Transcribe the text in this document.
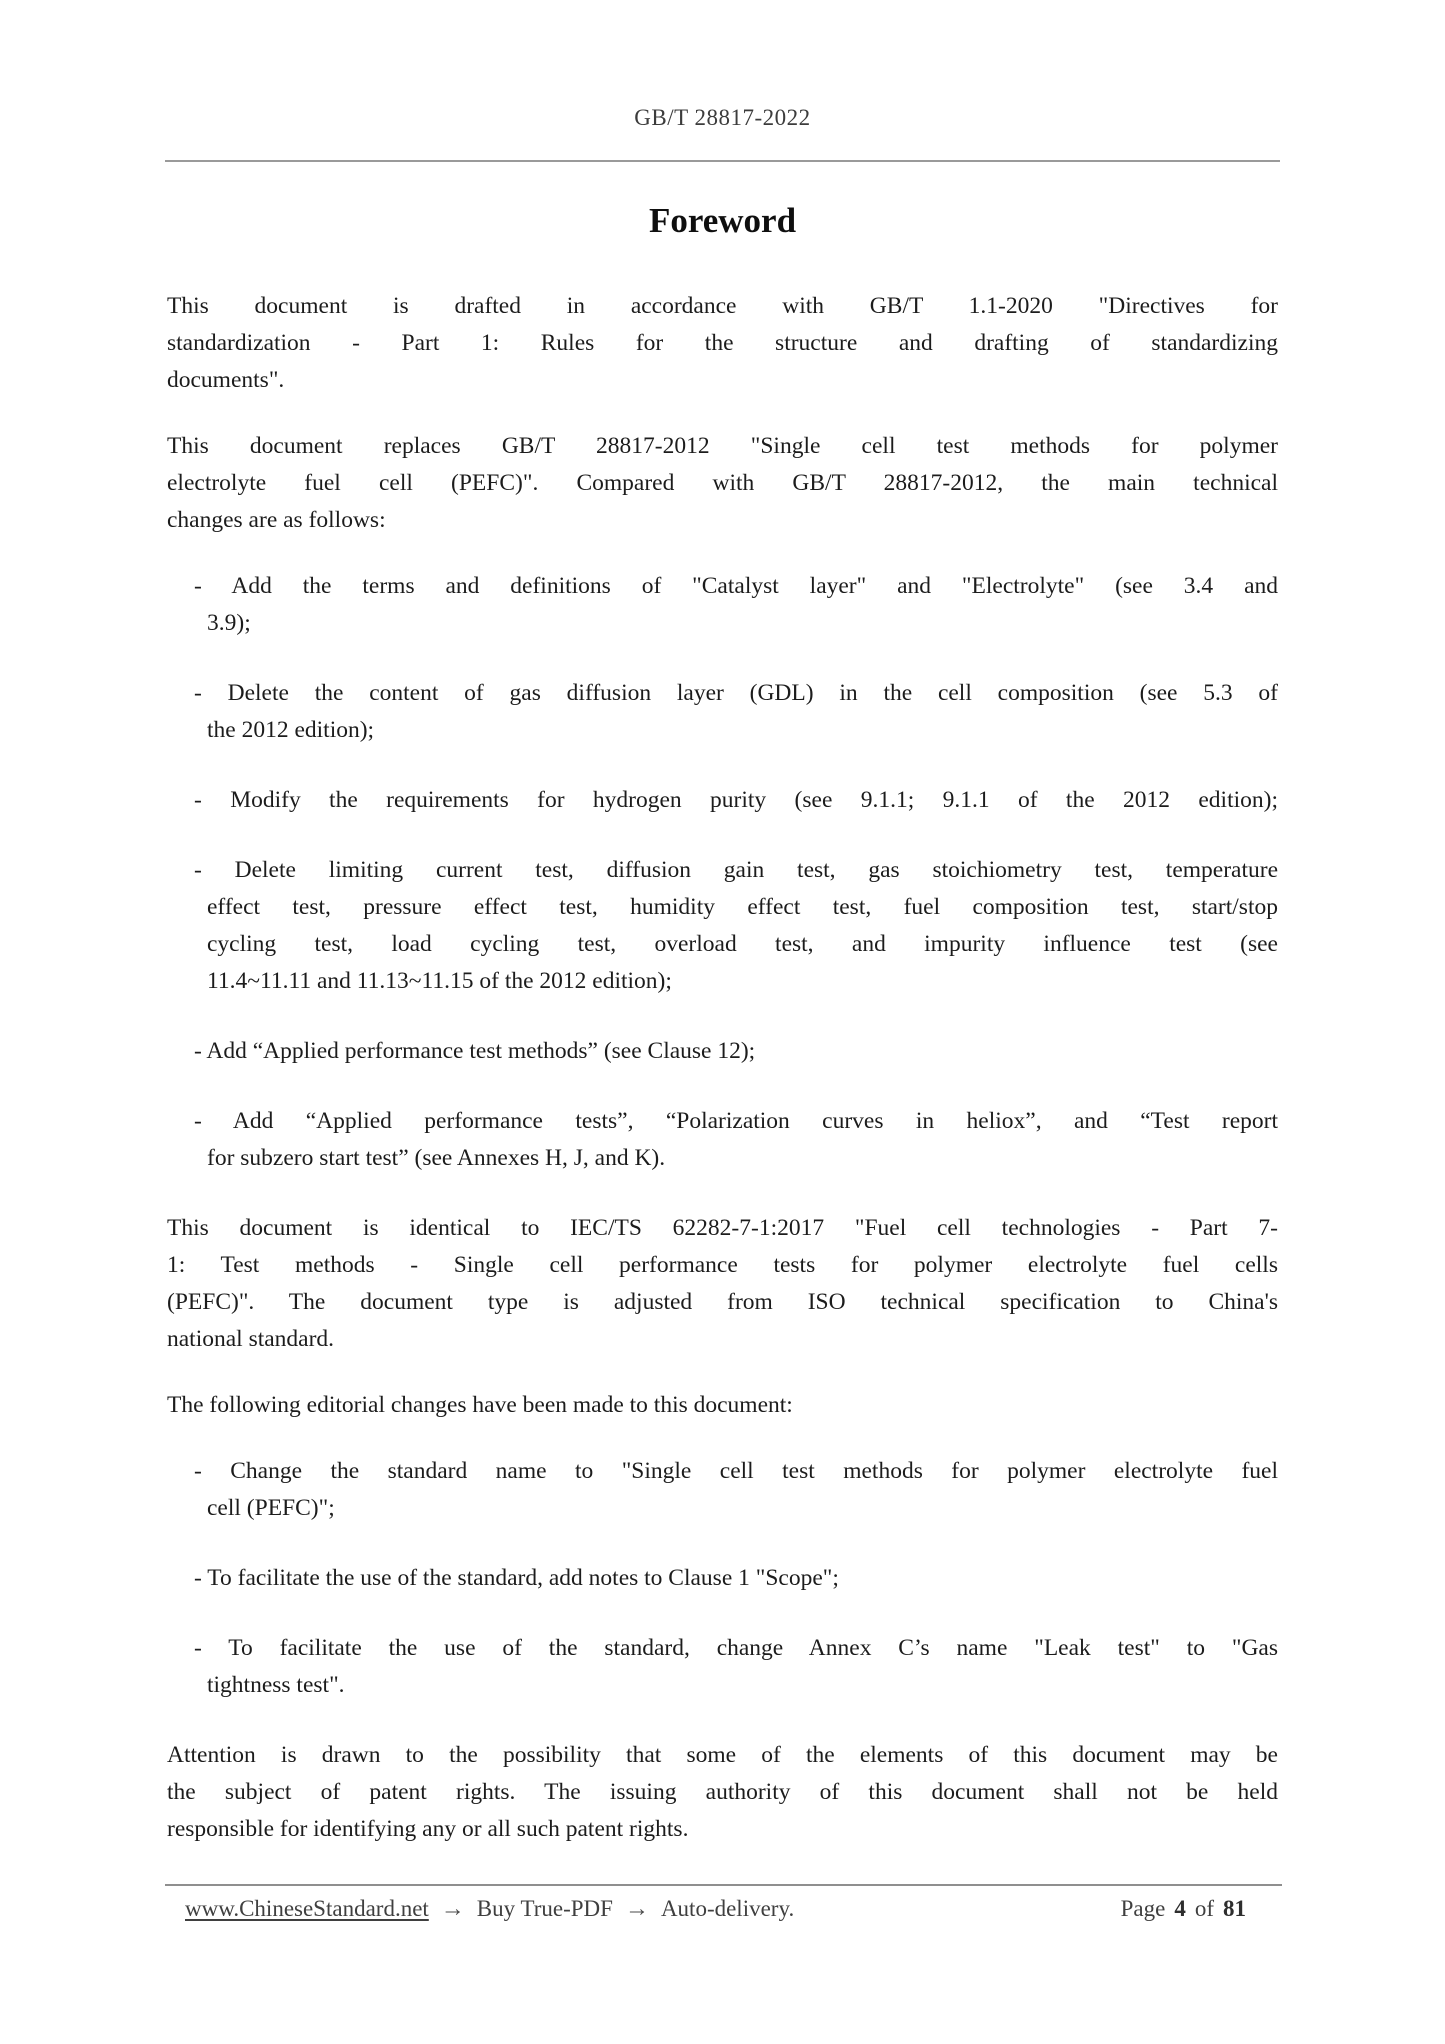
GB/T 28817-2022
Foreword
This document is drafted in accordance with GB/T 1.1-2020 "Directives for
standardization - Part 1: Rules for the structure and drafting of standardizing
documents".
This document replaces GB/T 28817-2012 "Single cell test methods for polymer
electrolyte fuel cell (PEFC)". Compared with GB/T 28817-2012, the main technical
changes are as follows:
- Add the terms and definitions of "Catalyst layer" and "Electrolyte" (see 3.4 and
3.9);
- Delete the content of gas diffusion layer (GDL) in the cell composition (see 5.3 of
the 2012 edition);
- Modify the requirements for hydrogen purity (see 9.1.1; 9.1.1 of the 2012 edition);
- Delete limiting current test, diffusion gain test, gas stoichiometry test, temperature
effect test, pressure effect test, humidity effect test, fuel composition test, start/stop
cycling test, load cycling test, overload test, and impurity influence test (see
11.4~11.11 and 11.13~11.15 of the 2012 edition);
- Add “Applied performance test methods” (see Clause 12);
- Add “Applied performance tests”, “Polarization curves in heliox”, and “Test report
for subzero start test” (see Annexes H, J, and K).
This document is identical to IEC/TS 62282-7-1:2017 "Fuel cell technologies - Part 7-
1: Test methods - Single cell performance tests for polymer electrolyte fuel cells
(PEFC)". The document type is adjusted from ISO technical specification to China's
national standard.
The following editorial changes have been made to this document:
- Change the standard name to "Single cell test methods for polymer electrolyte fuel
cell (PEFC)";
- To facilitate the use of the standard, add notes to Clause 1 "Scope";
- To facilitate the use of the standard, change Annex C’s name "Leak test" to "Gas
tightness test".
Attention is drawn to the possibility that some of the elements of this document may be
the subject of patent rights. The issuing authority of this document shall not be held
responsible for identifying any or all such patent rights.
www.ChineseStandard.net → Buy True-PDF → Auto-delivery.	Page 4 of 81
